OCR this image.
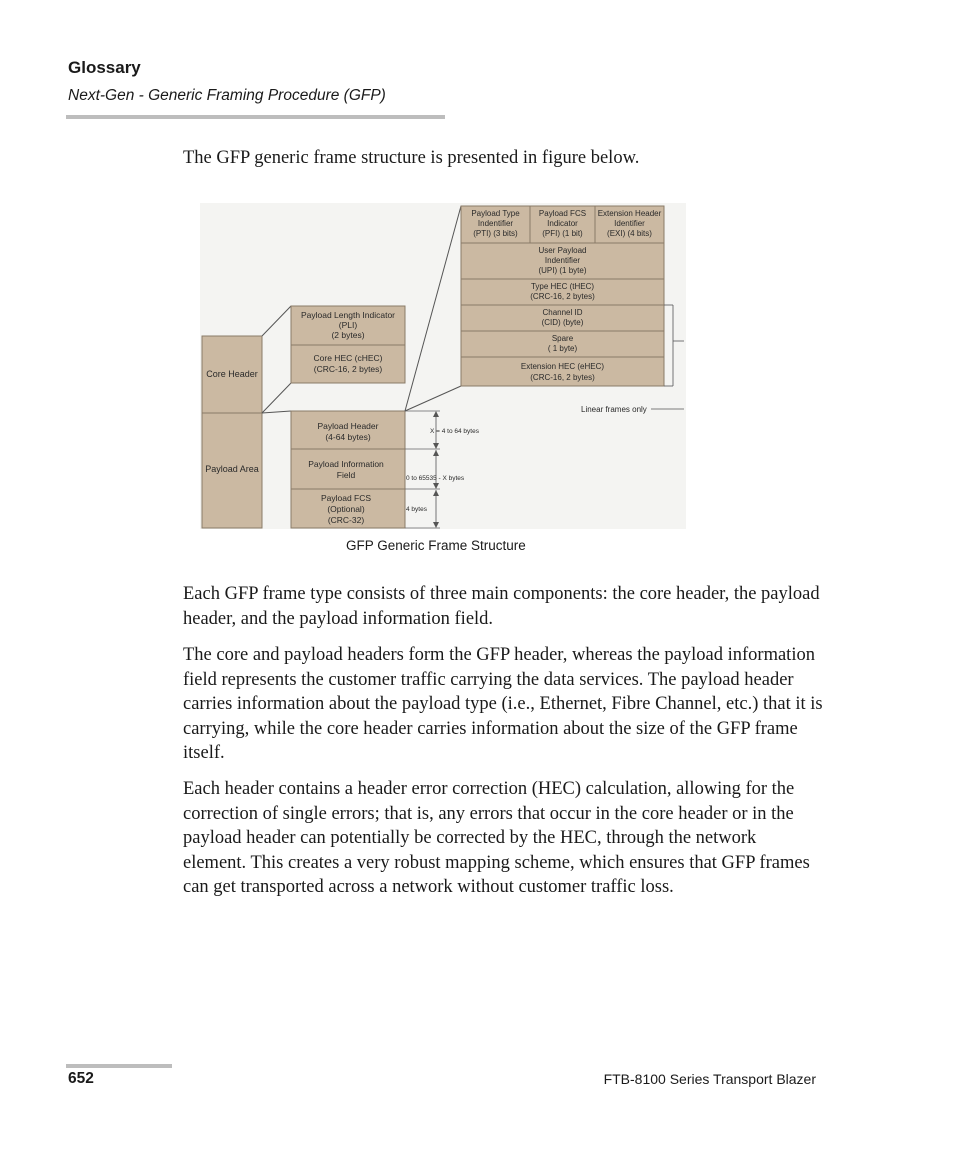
Glossary
Next-Gen - Generic Framing Procedure (GFP)

The GFP generic frame structure is presented in figure below.

Core Header
Payload Area
Payload Length Indicator
(PLI)
(2 bytes)
Core HEC (cHEC)
(CRC-16, 2 bytes)
Payload Header
(4-64 bytes)
Payload Information
Field
Payload FCS
(Optional)
(CRC-32)
X = 4 to 64 bytes
0 to 65535 - X bytes
4 bytes
Payload Type
Indentifier
(PTI) (3 bits)
Payload FCS
Indicator
(PFI) (1 bit)
Extension Header
Identifier
(EXI) (4 bits)
User Payload
Indentifier
(UPI) (1 byte)
Type HEC (tHEC)
(CRC-16, 2 bytes)
Channel ID
(CID) (byte)
Spare
( 1 byte)
Extension HEC (eHEC)
(CRC-16, 2 bytes)
Linear frames only
GFP Generic Frame Structure

Each GFP frame type consists of three main components: the core header, the payload header, and the payload information field.

The core and payload headers form the GFP header, whereas the payload information field represents the customer traffic carrying the data services. The payload header carries information about the payload type (i.e., Ethernet, Fibre Channel, etc.) that it is carrying, while the core header carries information about the size of the GFP frame itself.

Each header contains a header error correction (HEC) calculation, allowing for the correction of single errors; that is, any errors that occur in the core header or in the payload header can potentially be corrected by the HEC, through the network element. This creates a very robust mapping scheme, which ensures that GFP frames can get transported across a network without customer traffic loss.

652	FTB-8100 Series Transport Blazer
